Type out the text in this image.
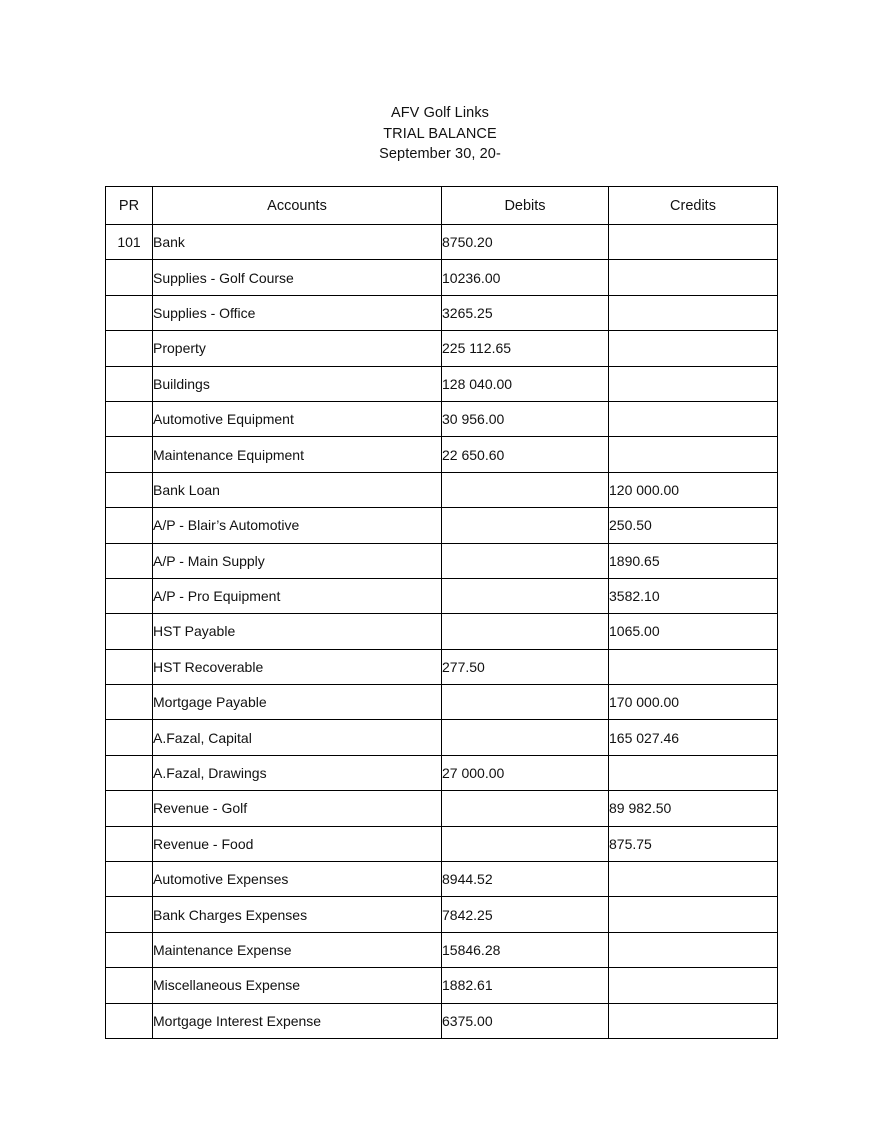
AFV Golf Links
TRIAL BALANCE
September 30, 20-
PR	Accounts	Debits	Credits
101	Bank	8750.20	
	Supplies - Golf Course	10236.00	
	Supplies - Office	3265.25	
	Property	225 112.65	
	Buildings	128 040.00	
	Automotive Equipment	30 956.00	
	Maintenance Equipment	22 650.60	
	Bank Loan		120 000.00
	A/P - Blair’s Automotive		250.50
	A/P - Main Supply		1890.65
	A/P - Pro Equipment		3582.10
	HST Payable		1065.00
	HST Recoverable	277.50	
	Mortgage Payable		170 000.00
	A.Fazal, Capital		165 027.46
	A.Fazal, Drawings	27 000.00	
	Revenue - Golf		89 982.50
	Revenue - Food		875.75
	Automotive Expenses	8944.52	
	Bank Charges Expenses	7842.25	
	Maintenance Expense	15846.28	
	Miscellaneous Expense	1882.61	
	Mortgage Interest Expense	6375.00	
